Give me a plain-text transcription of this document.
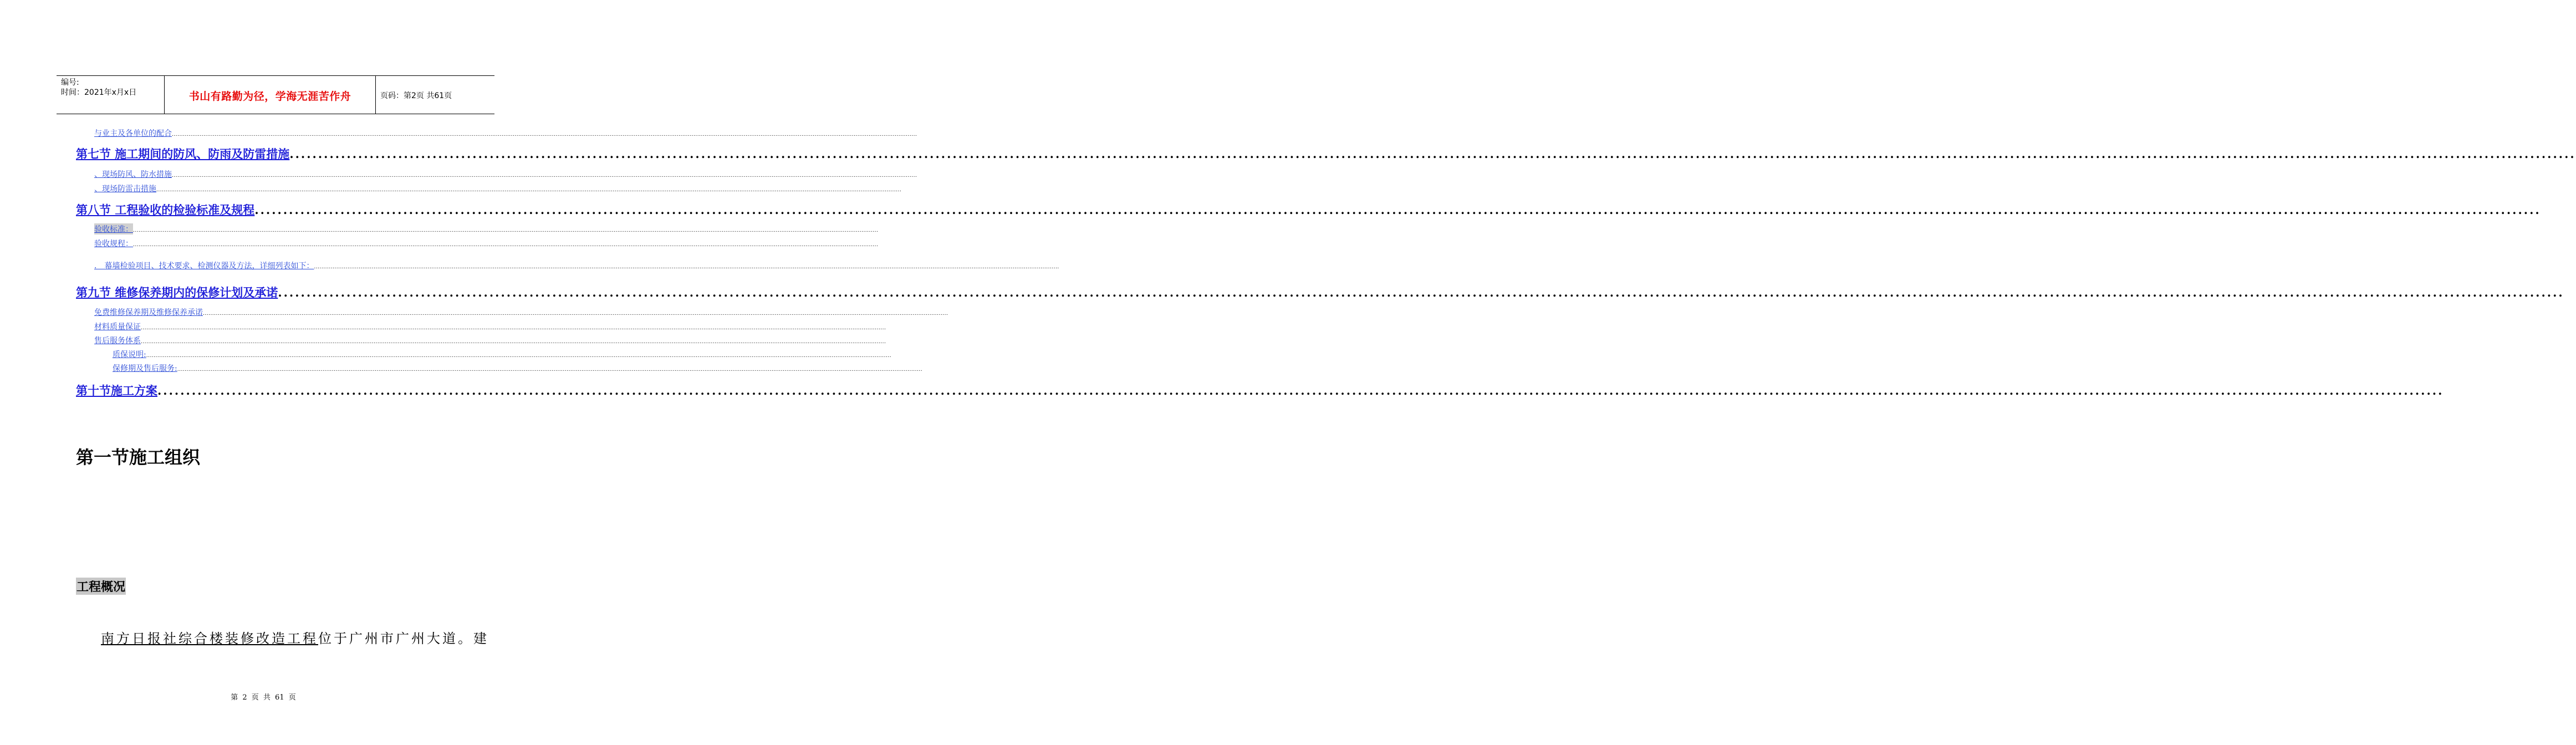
编号:
时间：2021年x月x日	书山有路勤为径，学海无涯苦作舟	页码：第2页 共61页
与业主及各单位的配合 ................................................................................................................................................................................................................................................................................................................................................................................................................
第七节 施工期间的防风、防雨及防雷措施 ................................................................................................................................................................................................................................................................................................................................................................................................................
、现场防风、防水措施 ................................................................................................................................................................................................................................................................................................................................................................................................................
、现场防雷击措施 ................................................................................................................................................................................................................................................................................................................................................................................................................
第八节 工程验收的检验标准及规程 ................................................................................................................................................................................................................................................................................................................................................................................................................
验收标准： ................................................................................................................................................................................................................................................................................................................................................................................................................
验收规程： ................................................................................................................................................................................................................................................................................................................................................................................................................
． 幕墙检验项目、技术要求、检测仪器及方法，详细列表如下： ................................................................................................................................................................................................................................................................................................................................................................................................................
第九节 维修保养期内的保修计划及承诺 ................................................................................................................................................................................................................................................................................................................................................................................................................
免费维修保养期及维修保养承诺 ................................................................................................................................................................................................................................................................................................................................................................................................................
材料质量保证 ................................................................................................................................................................................................................................................................................................................................................................................................................
售后服务体系 ................................................................................................................................................................................................................................................................................................................................................................................................................
质保说明: ................................................................................................................................................................................................................................................................................................................................................................................................................
保修期及售后服务: ................................................................................................................................................................................................................................................................................................................................................................................................................
第十节施工方案 ................................................................................................................................................................................................................................................................................................................................................................................................................
第一节施工组织
工程概况
南方日报社综合楼装修改造工程位于广州市广州大道。建
第 2 页 共 61 页
